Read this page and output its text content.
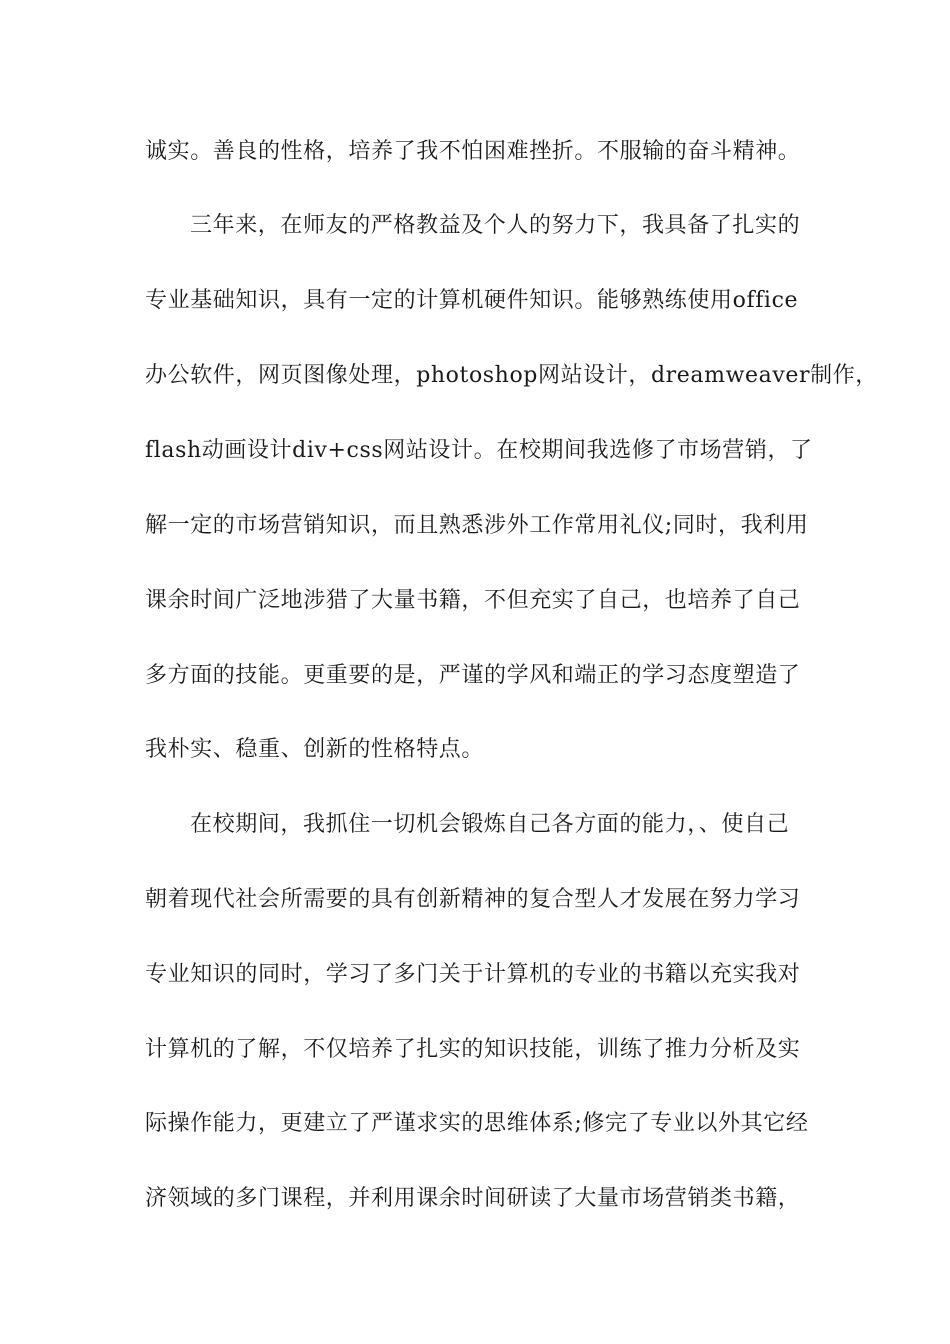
诚实。善良的性格，培养了我不怕困难挫折。不服输的奋斗精神。
三年来，在师友的严格教益及个人的努力下，我具备了扎实的
专业基础知识，具有一定的计算机硬件知识。能够熟练使用office
办公软件，网页图像处理，photoshop网站设计，dreamweaver制作，
flash动画设计div+css网站设计。在校期间我选修了市场营销，了
解一定的市场营销知识，而且熟悉涉外工作常用礼仪;同时，我利用
课余时间广泛地涉猎了大量书籍，不但充实了自己，也培养了自己
多方面的技能。更重要的是，严谨的学风和端正的学习态度塑造了
我朴实、稳重、创新的性格特点。
在校期间，我抓住一切机会锻炼自己各方面的能力，、使自己
朝着现代社会所需要的具有创新精神的复合型人才发展在努力学习
专业知识的同时，学习了多门关于计算机的专业的书籍以充实我对
计算机的了解，不仅培养了扎实的知识技能，训练了推力分析及实
际操作能力，更建立了严谨求实的思维体系;修完了专业以外其它经
济领域的多门课程，并利用课余时间研读了大量市场营销类书籍，
